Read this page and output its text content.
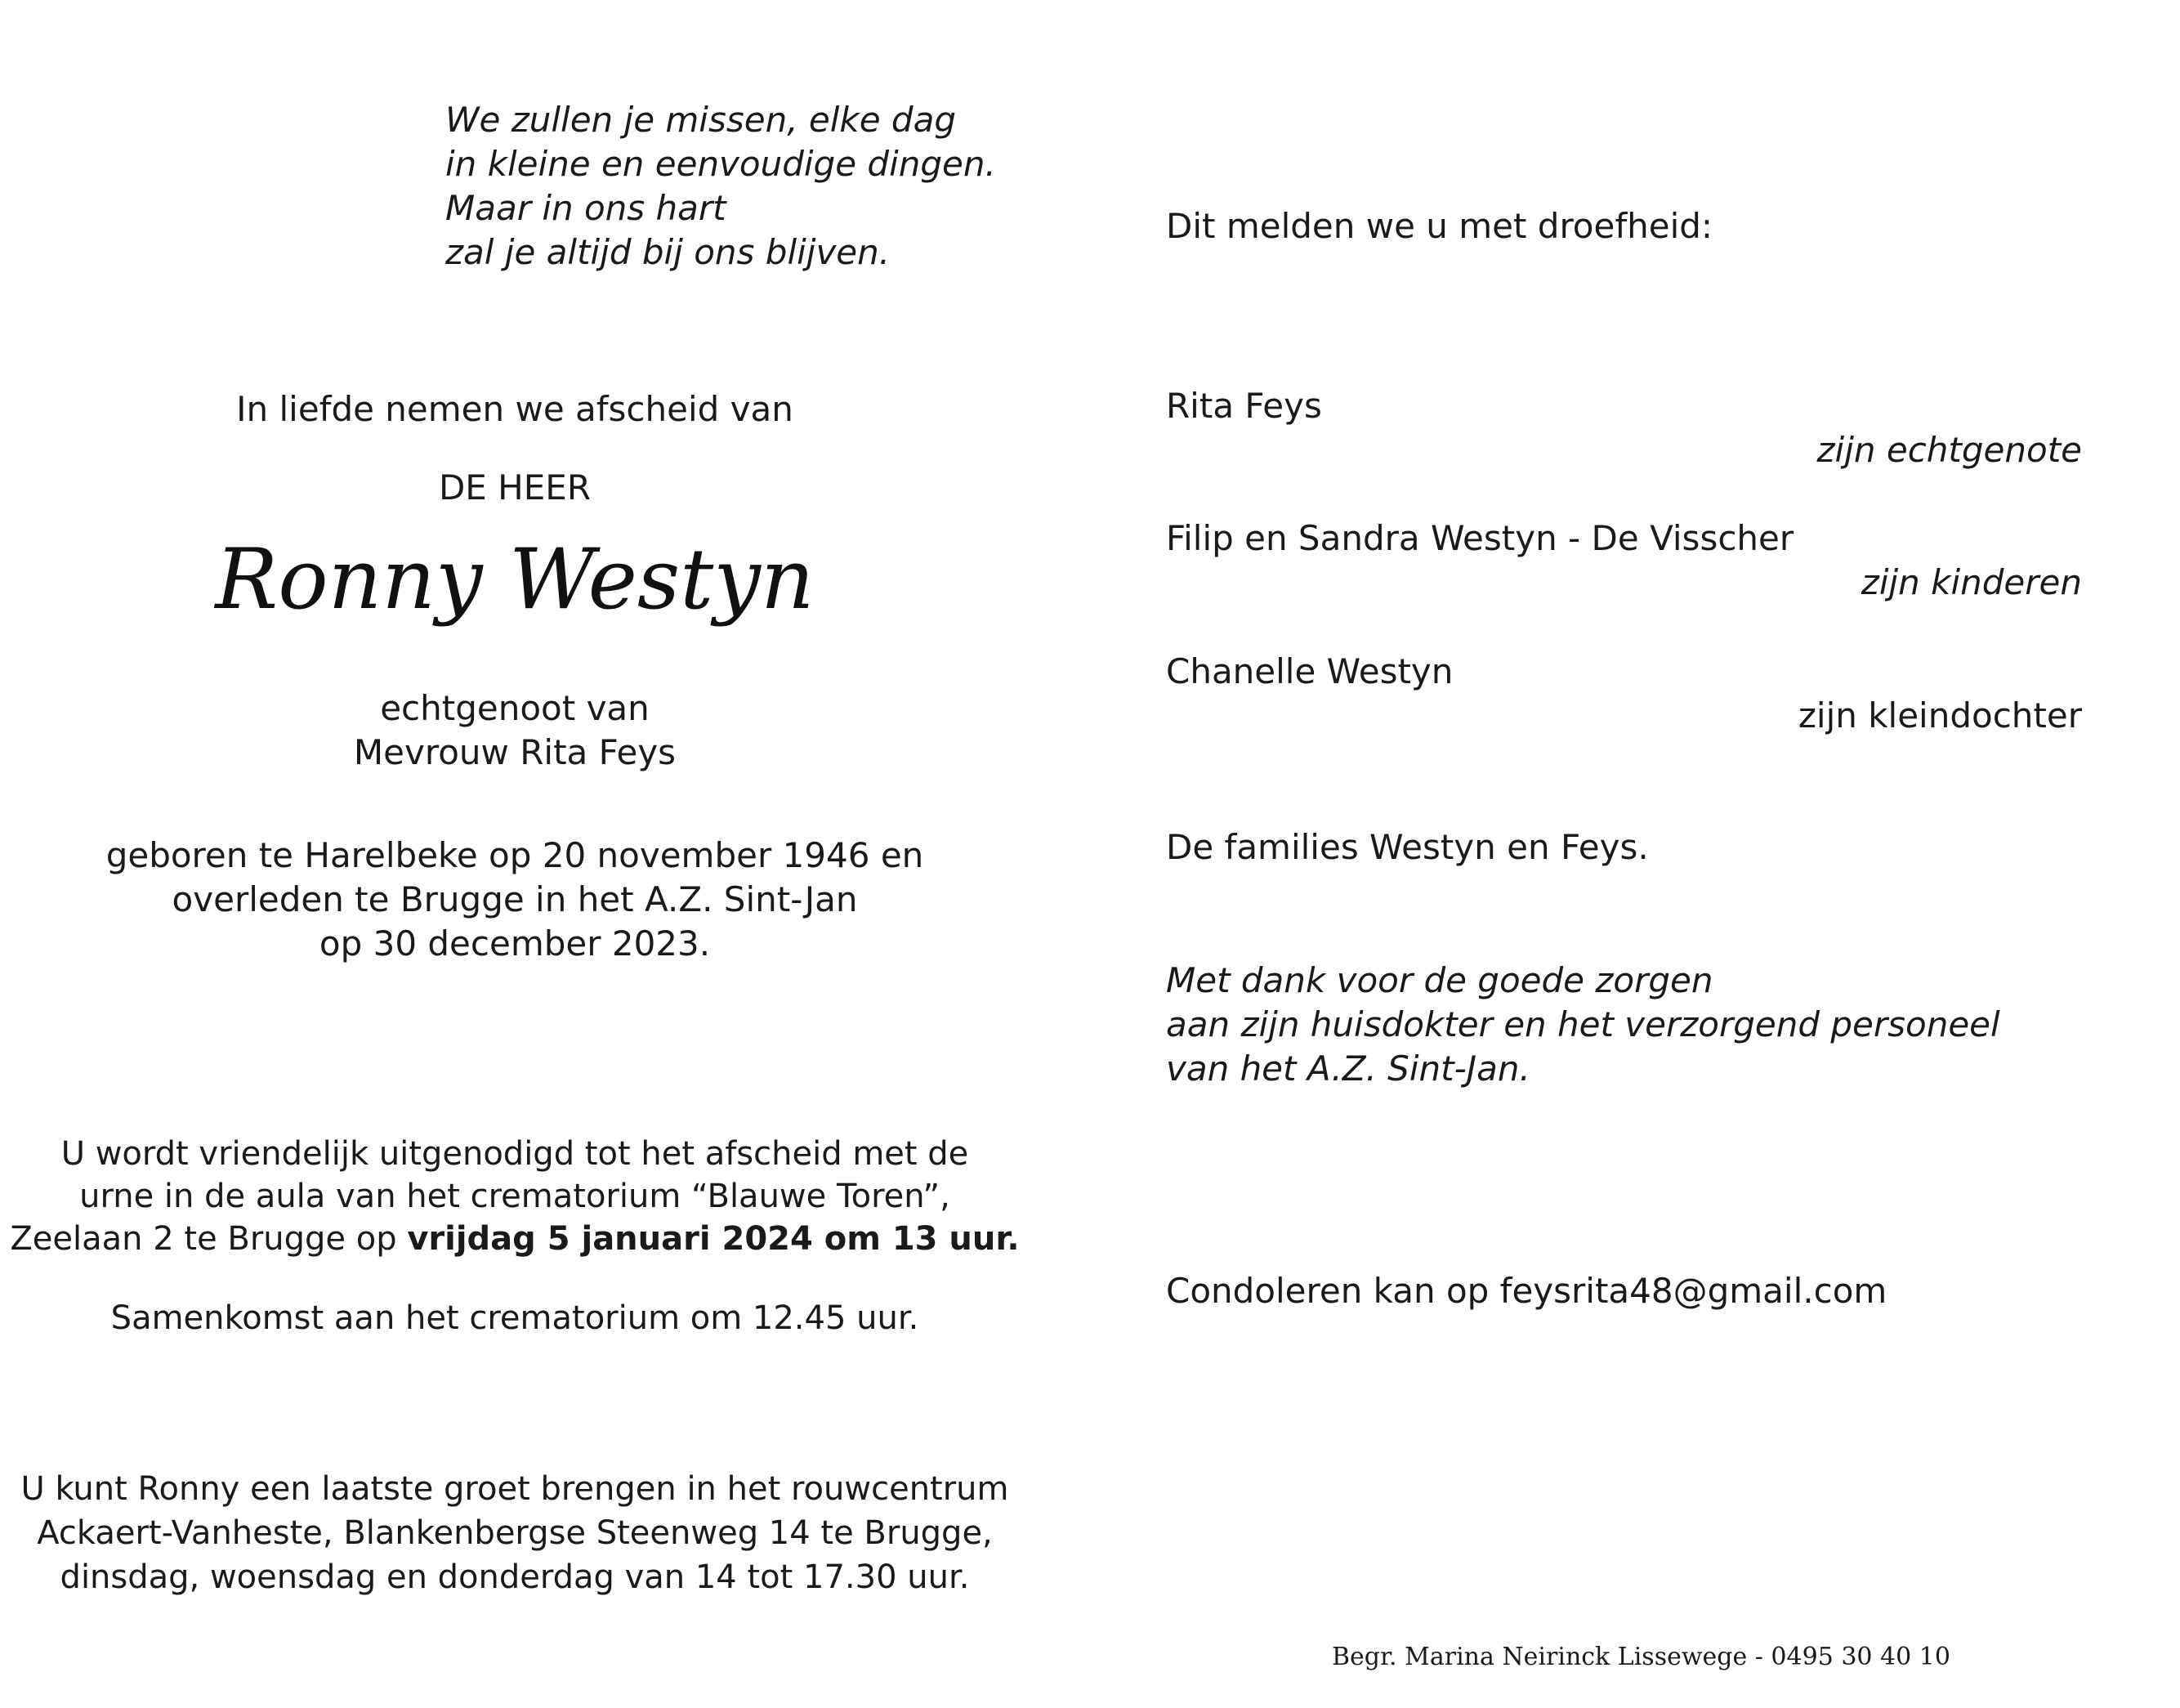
We zullen je missen, elke dag
in kleine en eenvoudige dingen.
Maar in ons hart
zal je altijd bij ons blijven.
In liefde nemen we afscheid van
DE HEER
Ronny Westyn
echtgenoot van
Mevrouw Rita Feys
geboren te Harelbeke op 20 november 1946 en
overleden te Brugge in het A.Z. Sint-Jan
op 30 december 2023.
U wordt vriendelijk uitgenodigd tot het afscheid met de
urne in de aula van het crematorium “Blauwe Toren”,
Zeelaan 2 te Brugge op vrijdag 5 januari 2024 om 13 uur.
Samenkomst aan het crematorium om 12.45 uur.
U kunt Ronny een laatste groet brengen in het rouwcentrum
Ackaert-Vanheste, Blankenbergse Steenweg 14 te Brugge,
dinsdag, woensdag en donderdag van 14 tot 17.30 uur.
Dit melden we u met droefheid:
Rita Feys
zijn echtgenote
Filip en Sandra Westyn - De Visscher
zijn kinderen
Chanelle Westyn
zijn kleindochter
De families Westyn en Feys.
Met dank voor de goede zorgen
aan zijn huisdokter en het verzorgend personeel
van het A.Z. Sint-Jan.
Condoleren kan op feysrita48@gmail.com
Begr. Marina Neirinck Lissewege - 0495 30 40 10
